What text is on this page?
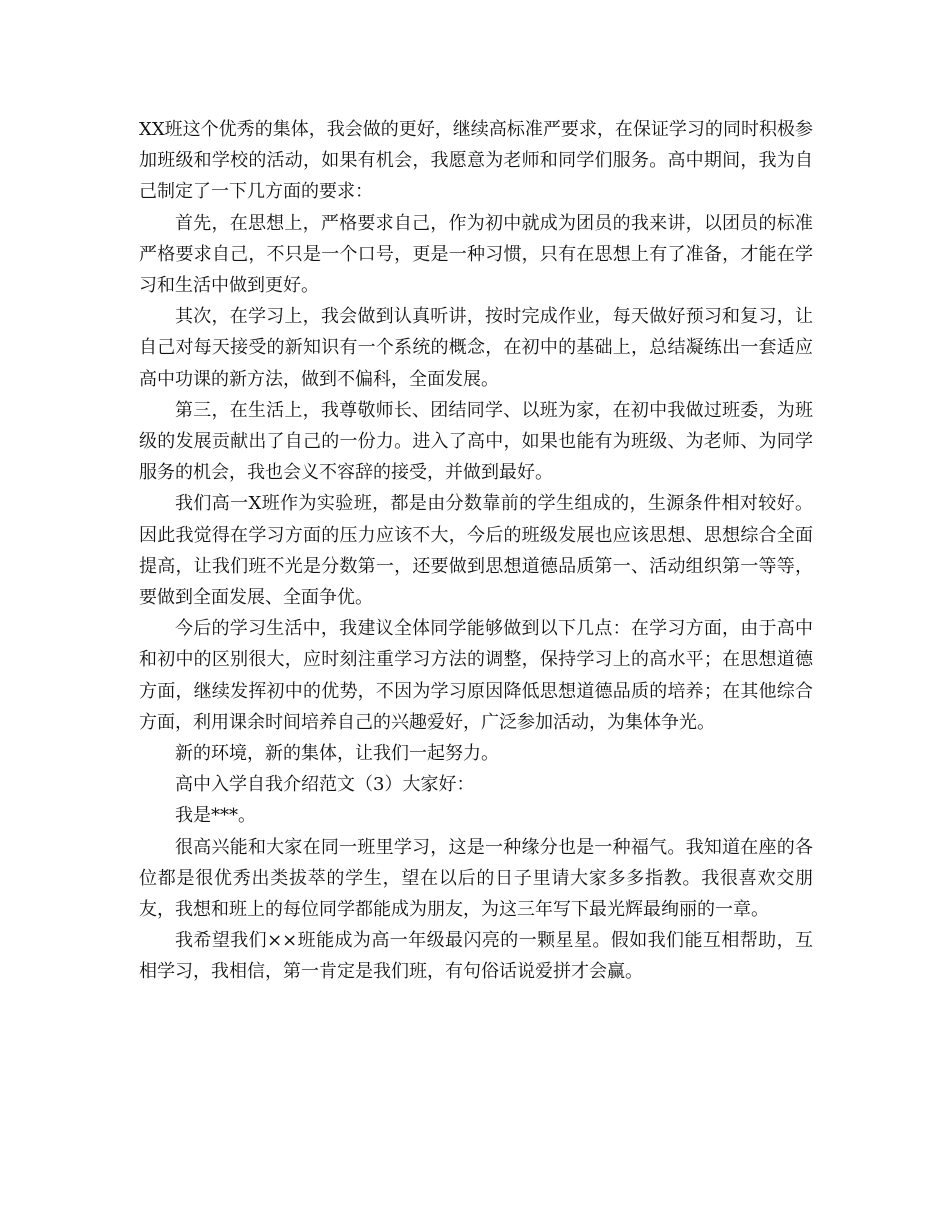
XX班这个优秀的集体，我会做的更好，继续高标准严要求，在保证学习的同时积极参加班级和学校的活动，如果有机会，我愿意为老师和同学们服务。高中期间，我为自己制定了一下几方面的要求：

首先，在思想上，严格要求自己，作为初中就成为团员的我来讲，以团员的标准严格要求自己，不只是一个口号，更是一种习惯，只有在思想上有了准备，才能在学习和生活中做到更好。

其次，在学习上，我会做到认真听讲，按时完成作业，每天做好预习和复习，让自己对每天接受的新知识有一个系统的概念，在初中的基础上，总结凝练出一套适应高中功课的新方法，做到不偏科，全面发展。

第三，在生活上，我尊敬师长、团结同学、以班为家，在初中我做过班委，为班级的发展贡献出了自己的一份力。进入了高中，如果也能有为班级、为老师、为同学服务的机会，我也会义不容辞的接受，并做到最好。

我们高一X班作为实验班，都是由分数靠前的学生组成的，生源条件相对较好。因此我觉得在学习方面的压力应该不大，今后的班级发展也应该思想、思想综合全面提高，让我们班不光是分数第一，还要做到思想道德品质第一、活动组织第一等等，要做到全面发展、全面争优。

今后的学习生活中，我建议全体同学能够做到以下几点：在学习方面，由于高中和初中的区别很大，应时刻注重学习方法的调整，保持学习上的高水平；在思想道德方面，继续发挥初中的优势，不因为学习原因降低思想道德品质的培养；在其他综合方面，利用课余时间培养自己的兴趣爱好，广泛参加活动，为集体争光。

新的环境，新的集体，让我们一起努力。

高中入学自我介绍范文（3）大家好：

我是***。

很高兴能和大家在同一班里学习，这是一种缘分也是一种福气。我知道在座的各位都是很优秀出类拔萃的学生，望在以后的日子里请大家多多指教。我很喜欢交朋友，我想和班上的每位同学都能成为朋友，为这三年写下最光辉最绚丽的一章。

我希望我们××班能成为高一年级最闪亮的一颗星星。假如我们能互相帮助，互相学习，我相信，第一肯定是我们班，有句俗话说爱拼才会赢。
